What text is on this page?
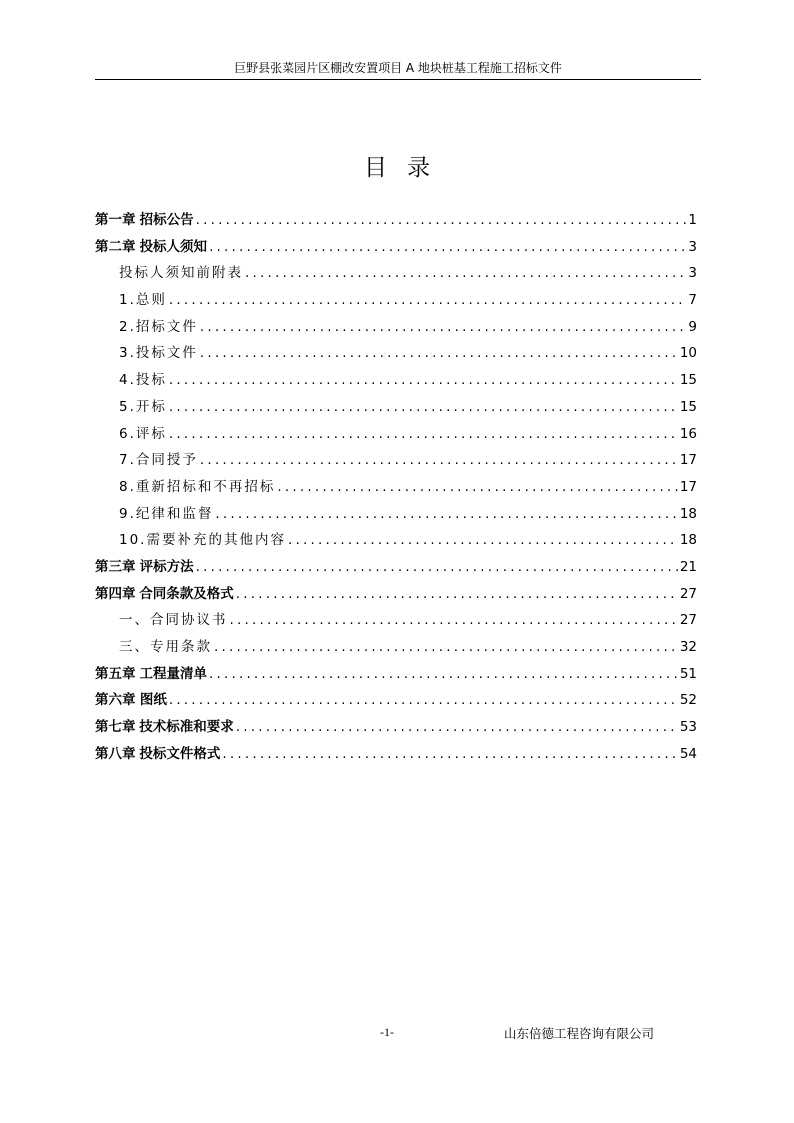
巨野县张菜园片区棚改安置项目 A 地块桩基工程施工招标文件
目录
第一章 招标公告 .....	1
第二章 投标人须知 .....	3
投标人须知前附表 .....	3
1.总则 .....	7
2.招标文件 .....	9
3.投标文件 .....	10
4.投标 .....	15
5.开标 .....	15
6.评标 .....	16
7.合同授予 .....	17
8.重新招标和不再招标 .....	17
9.纪律和监督 .....	18
10.需要补充的其他内容 .....	18
第三章 评标方法 .....	21
第四章 合同条款及格式 .....	27
一、合同协议书 .....	27
三、专用条款 .....	32
第五章 工程量清单 .....	51
第六章 图纸 .....	52
第七章 技术标准和要求 .....	53
第八章 投标文件格式 .....	54
-1-	山东倍德工程咨询有限公司
